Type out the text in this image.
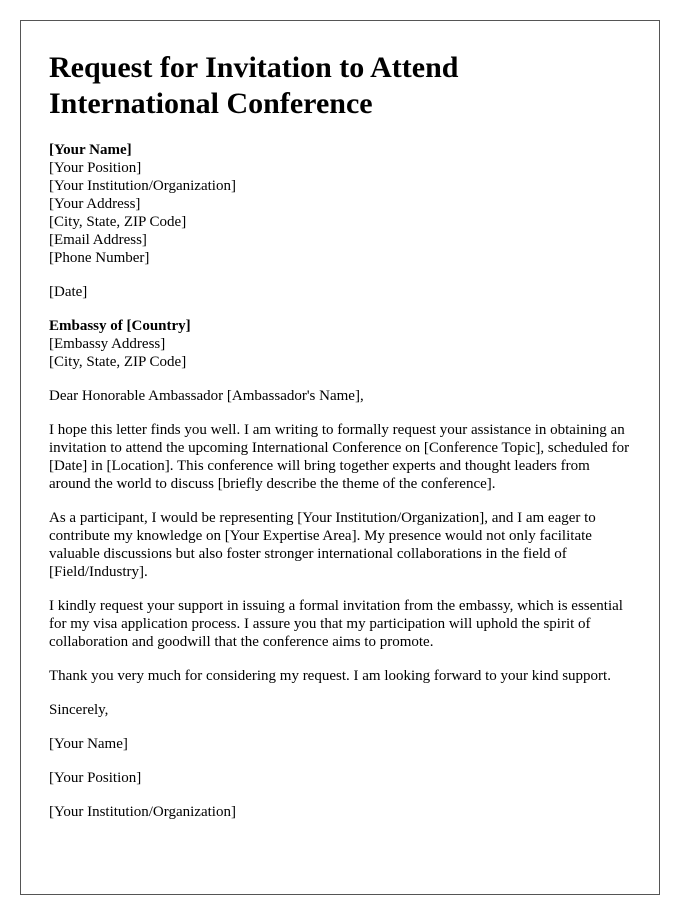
Request for Invitation to Attend International Conference
[Your Name]
[Your Position]
[Your Institution/Organization]
[Your Address]
[City, State, ZIP Code]
[Email Address]
[Phone Number]
[Date]
Embassy of [Country]
[Embassy Address]
[City, State, ZIP Code]

Dear Honorable Ambassador [Ambassador's Name],

I hope this letter finds you well. I am writing to formally request your assistance in obtaining an invitation to attend the upcoming International Conference on [Conference Topic], scheduled for [Date] in [Location]. This conference will bring together experts and thought leaders from around the world to discuss [briefly describe the theme of the conference].

As a participant, I would be representing [Your Institution/Organization], and I am eager to contribute my knowledge on [Your Expertise Area]. My presence would not only facilitate valuable discussions but also foster stronger international collaborations in the field of [Field/Industry].

I kindly request your support in issuing a formal invitation from the embassy, which is essential for my visa application process. I assure you that my participation will uphold the spirit of collaboration and goodwill that the conference aims to promote.

Thank you very much for considering my request. I am looking forward to your kind support.

Sincerely,

[Your Name]

[Your Position]

[Your Institution/Organization]
